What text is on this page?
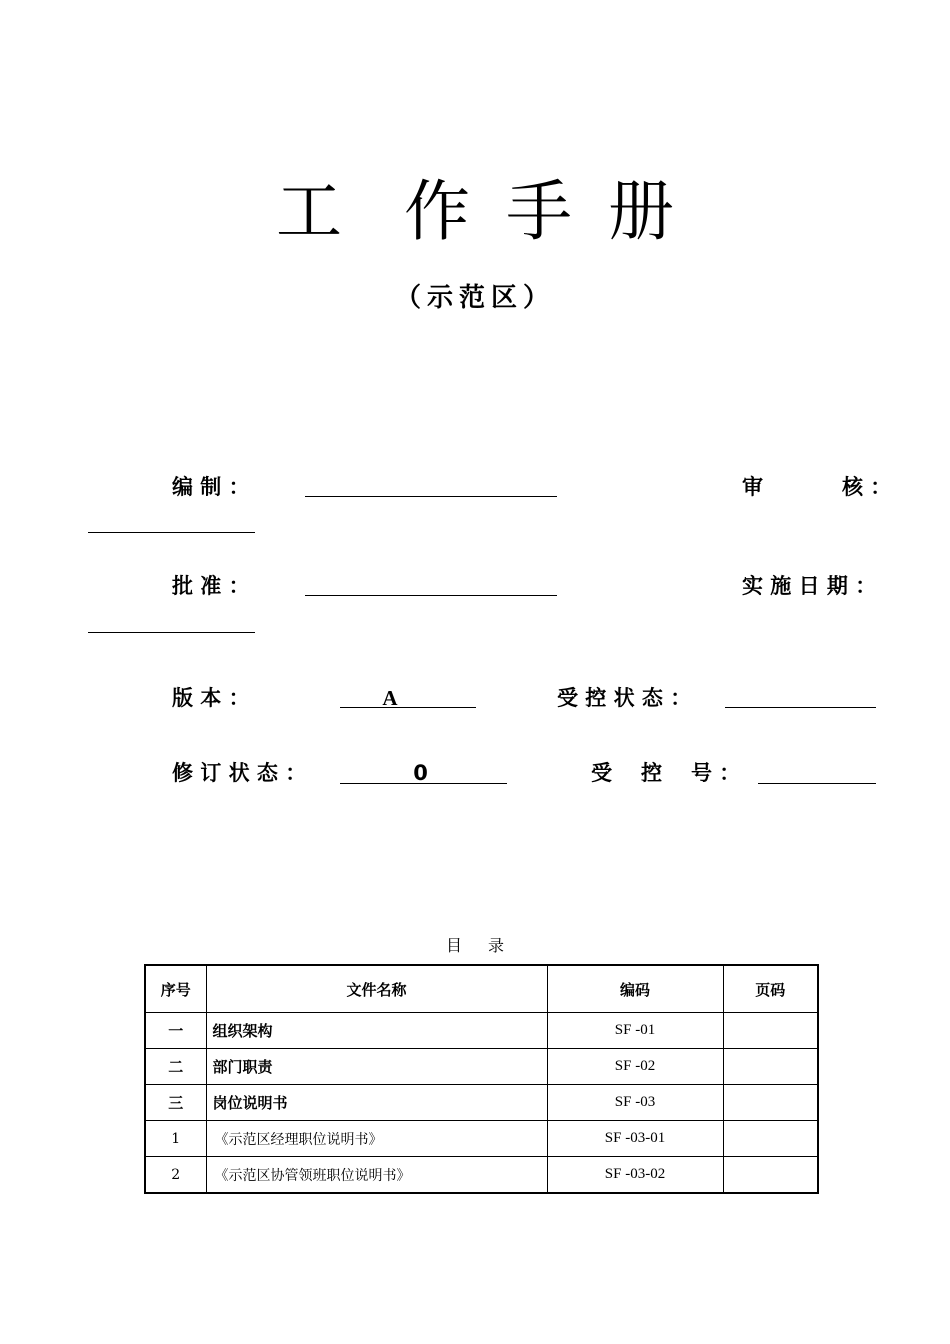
工 作 手 册
（示范区）
编 制 ：	审	核 ：
批 准 ：	实 施 日 期 ：
版 本 ：	A	受 控 状 态 ：
修 订 状 态 ：	0	受 控 号 ：
目录
序号	文件名称	编码	页码
一	组织架构	SF -01	
二	部门职责	SF -02	
三	岗位说明书	SF -03	
1	《示范区经理职位说明书》	SF -03-01	
2	《示范区协管领班职位说明书》	SF -03-02	
